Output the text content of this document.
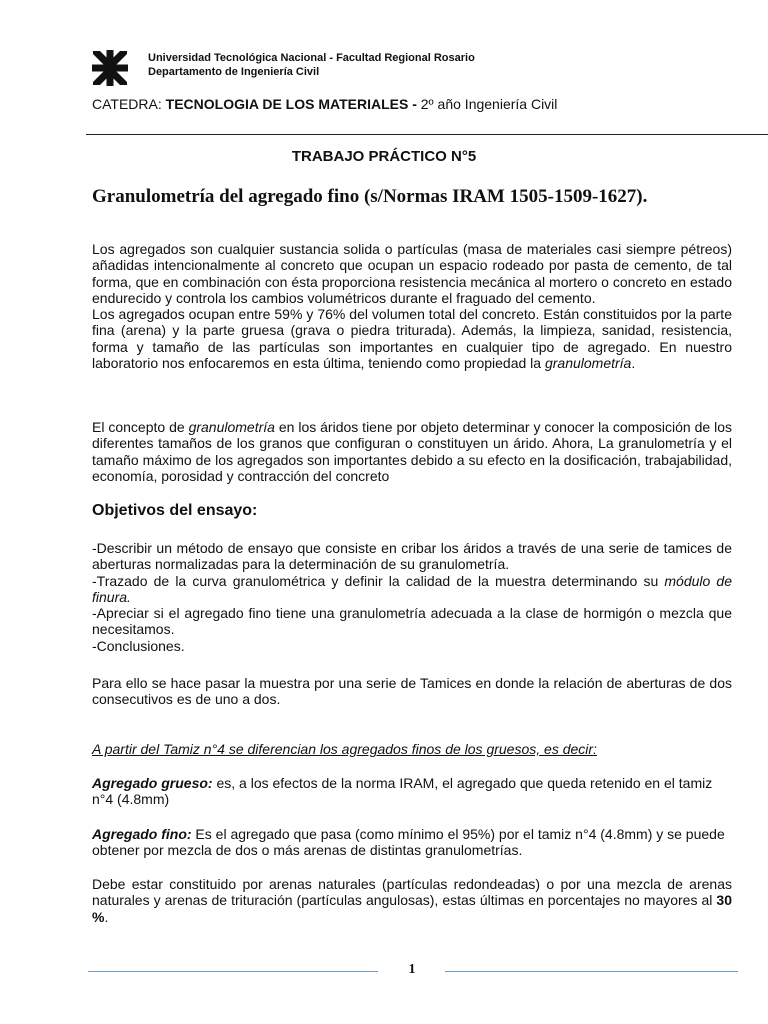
Universidad Tecnológica Nacional - Facultad Regional Rosario
Departamento de Ingeniería Civil
CATEDRA: TECNOLOGIA DE LOS MATERIALES - 2º año Ingeniería Civil
TRABAJO PRÁCTICO N°5
Granulometría del agregado fino (s/Normas IRAM 1505-1509-1627).

Los agregados son cualquier sustancia solida o partículas (masa de materiales casi siempre pétreos) añadidas intencionalmente al concreto que ocupan un espacio rodeado por pasta de cemento, de tal forma, que en combinación con ésta proporciona resistencia mecánica al mortero o concreto en estado endurecido y controla los cambios volumétricos durante el fraguado del cemento.
Los agregados ocupan entre 59% y 76% del volumen total del concreto. Están constituidos por la parte fina (arena) y la parte gruesa (grava o piedra triturada). Además, la limpieza, sanidad, resistencia, forma y tamaño de las partículas son importantes en cualquier tipo de agregado. En nuestro laboratorio nos enfocaremos en esta última, teniendo como propiedad la granulometría.

El concepto de granulometría en los áridos tiene por objeto determinar y conocer la composición de los diferentes tamaños de los granos que configuran o constituyen un árido. Ahora, La granulometría y el tamaño máximo de los agregados son importantes debido a su efecto en la dosificación, trabajabilidad, economía, porosidad y contracción del concreto

Objetivos del ensayo:

-Describir un método de ensayo que consiste en cribar los áridos a través de una serie de tamices de aberturas normalizadas para la determinación de su granulometría.
-Trazado de la curva granulométrica y definir la calidad de la muestra determinando su módulo de finura.
-Apreciar si el agregado fino tiene una granulometría adecuada a la clase de hormigón o mezcla que necesitamos.
-Conclusiones.

Para ello se hace pasar la muestra por una serie de Tamices en donde la relación de aberturas de dos consecutivos es de uno a dos.

A partir del Tamiz n°4 se diferencian los agregados finos de los gruesos, es decir:

Agregado grueso: es, a los efectos de la norma IRAM, el agregado que queda retenido en el tamiz n°4 (4.8mm)

Agregado fino: Es el agregado que pasa (como mínimo el 95%) por el tamiz n°4 (4.8mm) y se puede obtener por mezcla de dos o más arenas de distintas granulometrías.

Debe estar constituido por arenas naturales (partículas redondeadas) o por una mezcla de arenas naturales y arenas de trituración (partículas angulosas), estas últimas en porcentajes no mayores al 30 %.

1
